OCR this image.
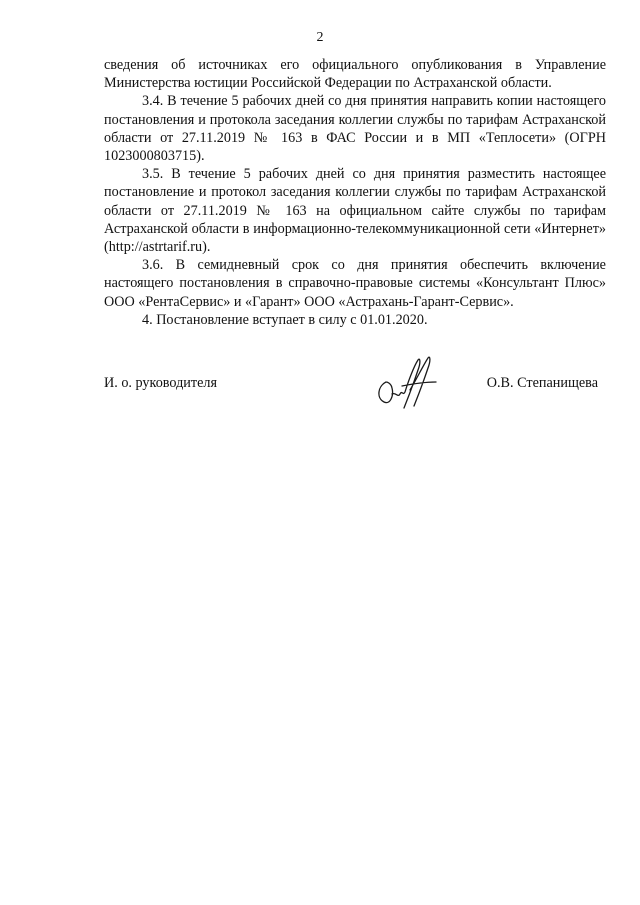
2

сведения об источниках его официального опубликования в Управление Министерства юстиции Российской Федерации по Астраханской области.

3.4. В течение 5 рабочих дней со дня принятия направить копии настоящего постановления и протокола заседания коллегии службы по тарифам Астраханской области от 27.11.2019 № 163 в ФАС России и в МП «Теплосети» (ОГРН 1023000803715).

3.5. В течение 5 рабочих дней со дня принятия разместить настоящее постановление и протокол заседания коллегии службы по тарифам Астраханской области от 27.11.2019 № 163 на официальном сайте службы по тарифам Астраханской области в информационно-телекоммуникационной сети «Интернет» (http://astrtarif.ru).

3.6. В семидневный срок со дня принятия обеспечить включение настоящего постановления в справочно-правовые системы «Консультант Плюс» ООО «РентаСервис» и «Гарант» ООО «Астрахань-Гарант-Сервис».

4. Постановление вступает в силу с 01.01.2020.

И. о. руководителя	О.В. Степанищева
